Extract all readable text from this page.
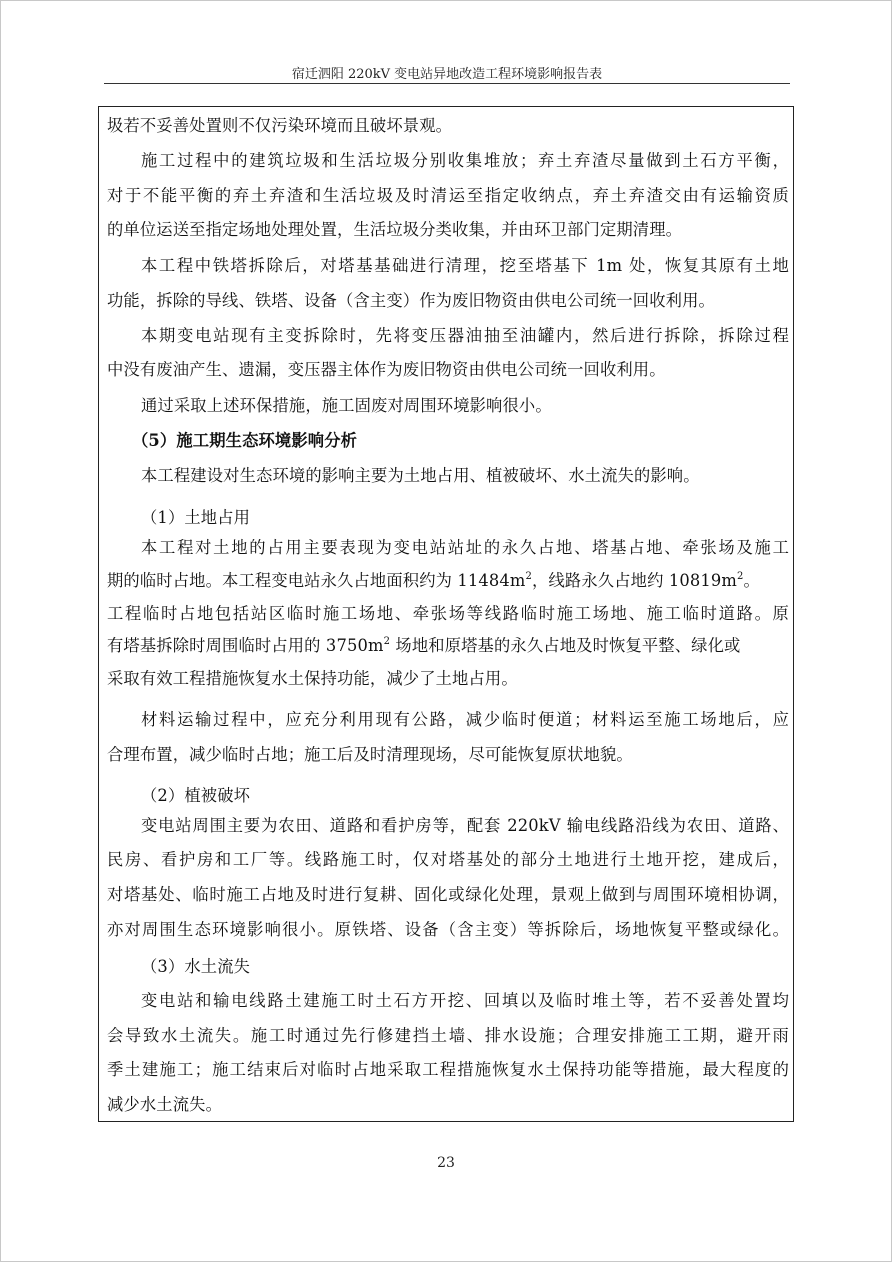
宿迁泗阳 220kV 变电站异地改造工程环境影响报告表
圾若不妥善处置则不仅污染环境而且破坏景观。
施工过程中的建筑垃圾和生活垃圾分别收集堆放；弃土弃渣尽量做到土石方平衡，
对于不能平衡的弃土弃渣和生活垃圾及时清运至指定收纳点，弃土弃渣交由有运输资质
的单位运送至指定场地处理处置，生活垃圾分类收集，并由环卫部门定期清理。
本工程中铁塔拆除后，对塔基基础进行清理，挖至塔基下 1m 处，恢复其原有土地
功能，拆除的导线、铁塔、设备（含主变）作为废旧物资由供电公司统一回收利用。
本期变电站现有主变拆除时，先将变压器油抽至油罐内，然后进行拆除，拆除过程
中没有废油产生、遗漏，变压器主体作为废旧物资由供电公司统一回收利用。
通过采取上述环保措施，施工固废对周围环境影响很小。
（5）施工期生态环境影响分析
本工程建设对生态环境的影响主要为土地占用、植被破坏、水土流失的影响。
（1）土地占用
本工程对土地的占用主要表现为变电站站址的永久占地、塔基占地、牵张场及施工
期的临时占地。本工程变电站永久占地面积约为 $11484m^2$，线路永久占地约 $10819m^2$。
工程临时占地包括站区临时施工场地、牵张场等线路临时施工场地、施工临时道路。原
有塔基拆除时周围临时占用的 $3750m^2$ 场地和原塔基的永久占地及时恢复平整、绿化或
采取有效工程措施恢复水土保持功能，减少了土地占用。
材料运输过程中，应充分利用现有公路，减少临时便道；材料运至施工场地后，应
合理布置，减少临时占地；施工后及时清理现场，尽可能恢复原状地貌。
（2）植被破坏
变电站周围主要为农田、道路和看护房等，配套 220kV 输电线路沿线为农田、道路、
民房、看护房和工厂等。线路施工时，仅对塔基处的部分土地进行土地开挖，建成后，
对塔基处、临时施工占地及时进行复耕、固化或绿化处理，景观上做到与周围环境相协调，
亦对周围生态环境影响很小。原铁塔、设备（含主变）等拆除后，场地恢复平整或绿化。
（3）水土流失
变电站和输电线路土建施工时土石方开挖、回填以及临时堆土等，若不妥善处置均
会导致水土流失。施工时通过先行修建挡土墙、排水设施；合理安排施工工期，避开雨
季土建施工；施工结束后对临时占地采取工程措施恢复水土保持功能等措施，最大程度的
减少水土流失。
23
